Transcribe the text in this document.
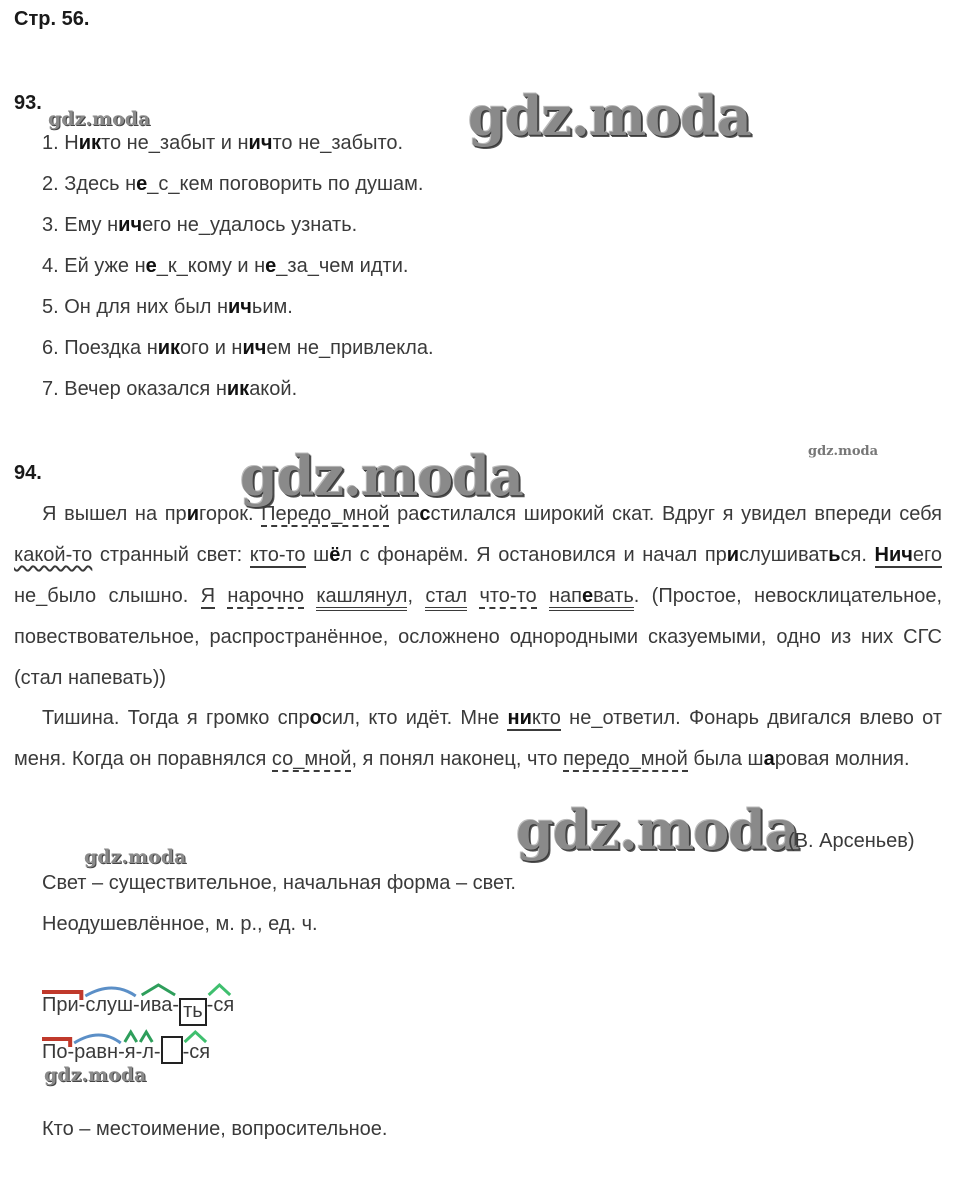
Стр. 56.
93.
1. Никто не_забыт и ничто не_забыто.
2. Здесь не_с_кем поговорить по душам.
3. Ему ничего не_удалось узнать.
4. Ей уже не_к_кому и не_за_чем идти.
5. Он для них был ничьим.
6. Поездка никого и ничем не_привлекла.
7. Вечер оказался никакой.
gdz.moda	gdz.moda
gdz.moda	gdz.moda
gdz.moda
gdz.moda
gdz.moda
94.
Я вышел на пригорок. Передо_мной расстилался широкий скат. Вдруг я увидел впереди себя какой-то странный свет: кто-то шёл с фонарём. Я остановился и начал прислушиваться. Ничего не_было слышно. Я нарочно кашлянул, стал что-то напевать. (Простое, невосклицательное, повествовательное, распространённое, осложнено однородными сказуемыми, одно из них СГС (стал напевать))
Тишина. Тогда я громко спросил, кто идёт. Мне никто не_ответил. Фонарь двигался влево от меня. Когда он поравнялся со_мной, я понял наконец, что передо_мной была шаровая молния.
(В. Арсеньев)
Свет – существительное, начальная форма – свет.
Неодушевлённое, м. р., ед. ч.
При-слуш-ива- ть -ся
По-равн-я-л- -ся
Кто – местоимение, вопросительное.
